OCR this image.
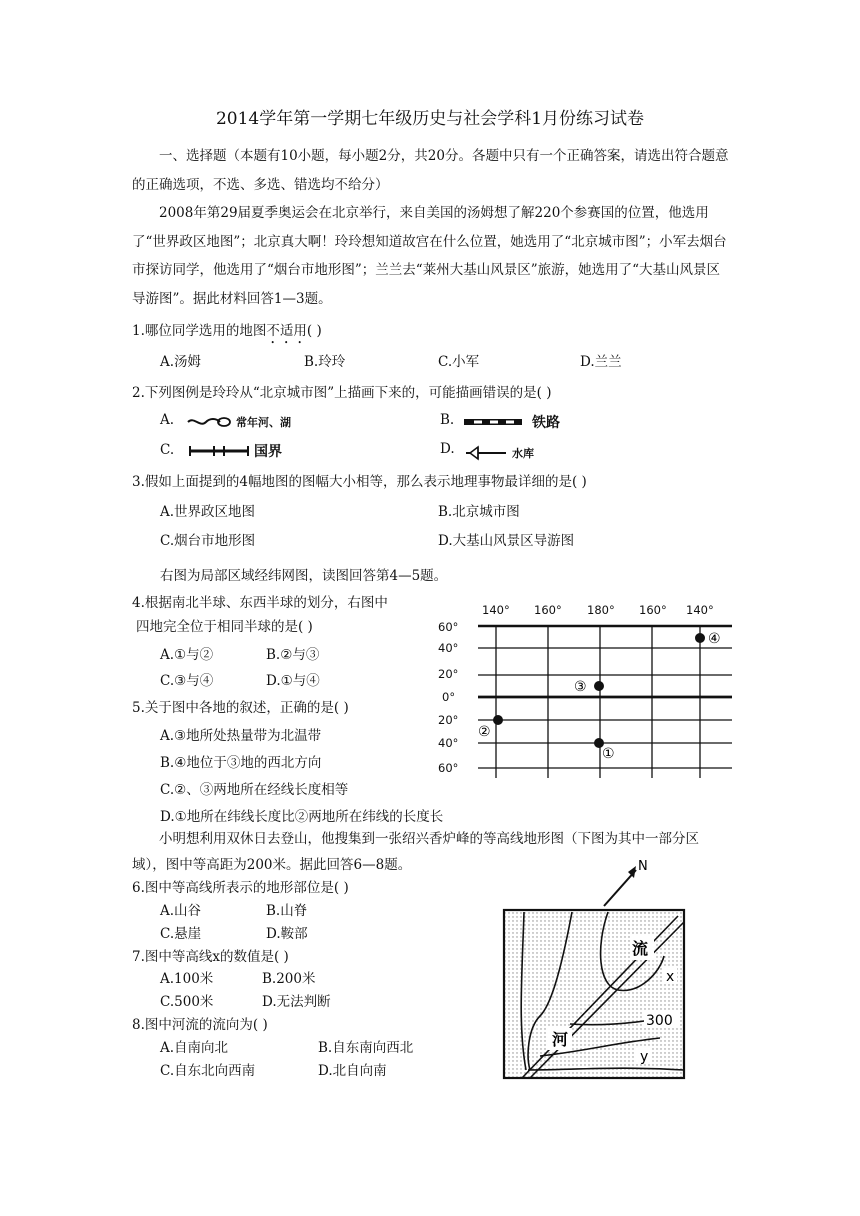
2014学年第一学期七年级历史与社会学科1月份练习试卷
一、选择题（本题有10小题，每小题2分，共20分。各题中只有一个正确答案，请选出符合题意的正确选项，不选、多选、错选均不给分）
2008年第29届夏季奥运会在北京举行，来自美国的汤姆想了解220个参赛国的位置，他选用了“世界政区地图”；北京真大啊！玲玲想知道故宫在什么位置，她选用了“北京城市图”；小军去烟台市探访同学，他选用了“烟台市地形图”；兰兰去“莱州大基山风景区”旅游，她选用了“大基山风景区导游图”。据此材料回答1—3题。
1.哪位同学选用的地图不适用( )
A.汤姆	B.玲玲	C.小军	D.兰兰
2.下列图例是玲玲从“北京城市图”上描画下来的，可能描画错误的是( )
A.	常年河、湖	B.	铁路
C.	国界	D.	水库
3.假如上面提到的4幅地图的图幅大小相等，那么表示地理事物最详细的是( )
A.世界政区地图	B.北京城市图
C.烟台市地形图	D.大基山风景区导游图
右图为局部区域经纬网图，读图回答第4—5题。
4.根据南北半球、东西半球的划分，右图中
四地完全位于相同半球的是( )
A.①与②	B.②与③
C.③与④	D.①与④
5.关于图中各地的叙述，正确的是( )
A.③地所处热量带为北温带
B.④地位于③地的西北方向
C.②、③两地所在经线长度相等
D.①地所在纬线长度比②两地所在纬线的长度长
140° 160° 180° 160° 140°
60°
40°
20°
0°
20°
40°
60°
①
②
③
④
小明想利用双休日去登山，他搜集到一张绍兴香炉峰的等高线地形图（下图为其中一部分区域），图中等高距为200米。据此回答6—8题。
6.图中等高线所表示的地形部位是( )
A.山谷	B.山脊
C.悬崖	D.鞍部
7.图中等高线x的数值是( )
A.100米	B.200米
C.500米	D.无法判断
8.图中河流的流向为( )
A.自南向北	B.自东南向西北
C.自东北向西南	D.北自向南
N
流
河
x
300
y
